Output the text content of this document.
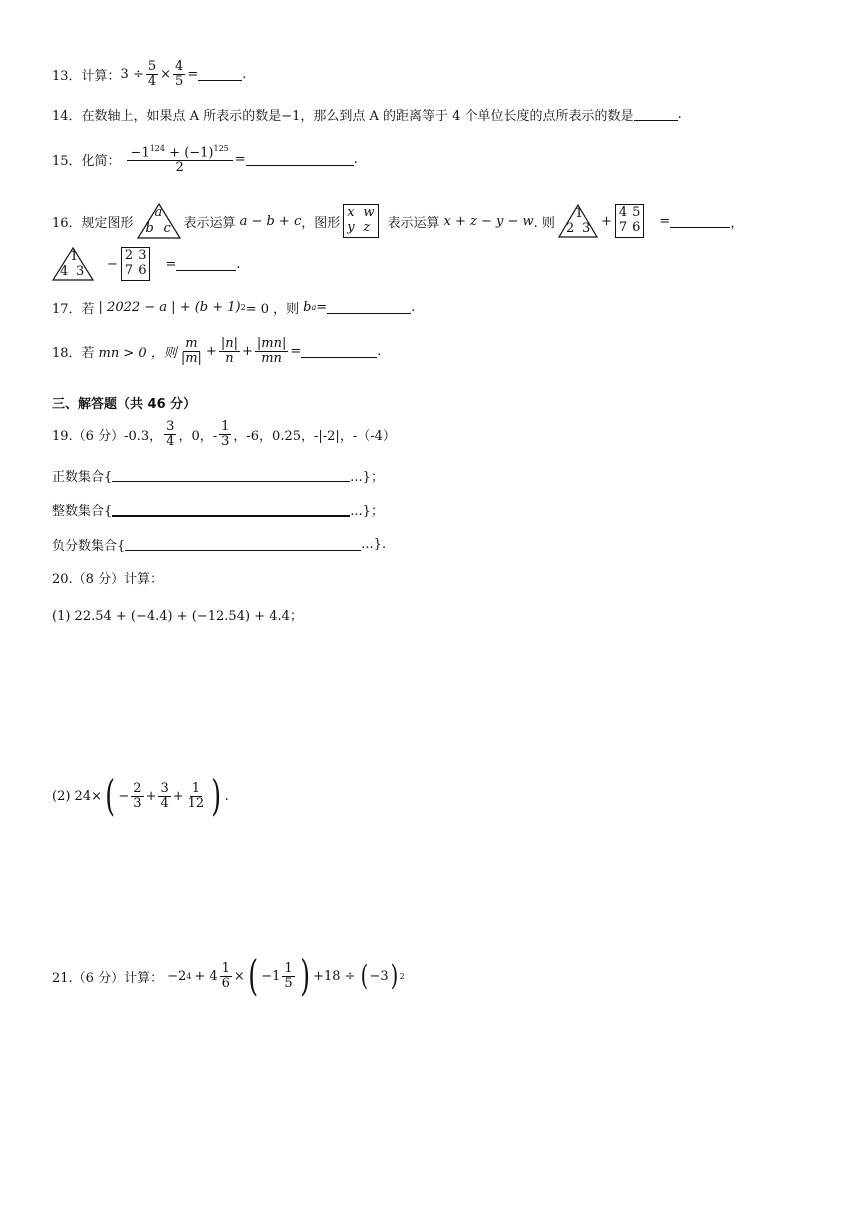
13．计算： $3 \div \frac{5}{4} \times \frac{4}{5}$ =	.
14．在数轴上，如果点 A 所表示的数是−1，那么到点 A 的距离等于 4 个单位长度的点所表示的数是	.
15．化简： $\frac{-1^{124} + (-1)^{125}}{2}$ =	.
16．规定图形
a
b c 表示运算 a − b + c ，图形
x w
y z	表示运算 x + z − y − w . 则
1
2 3 +
4 5
7 6 =	，
1
4 3 −
2 3
7 6 =	.
17．若 | 2022 − a | + (b + 1) 2 = 0 ，则 b a =	.
18．若 mn > 0 ，则 $\frac{m}{|m|} + \frac{|n|}{n} + \frac{|mn|}{mn}$ =	.
三、解答题（共 46 分）
19.（6 分）-0.3， $\frac{3}{4}$ ，0，- $\frac{1}{3}$ ，-6，0.25，-|-2|，-（-4）
正数集合{	...}；
整数集合{	...}；
负分数集合{	...}.
20.（8 分）计算：
(1) 22.54 + (−4.4) + (−12.54) + 4.4；
(2) 24× ( − $\frac{2}{3} + \frac{3}{4} + \frac{1}{12}$ ) .
21.（6 分）计算： −2 $4 + 4 \frac{1}{6}$ × ( $-1 \frac{1}{5}$ ) +18 ÷ ( −3 ) 2
